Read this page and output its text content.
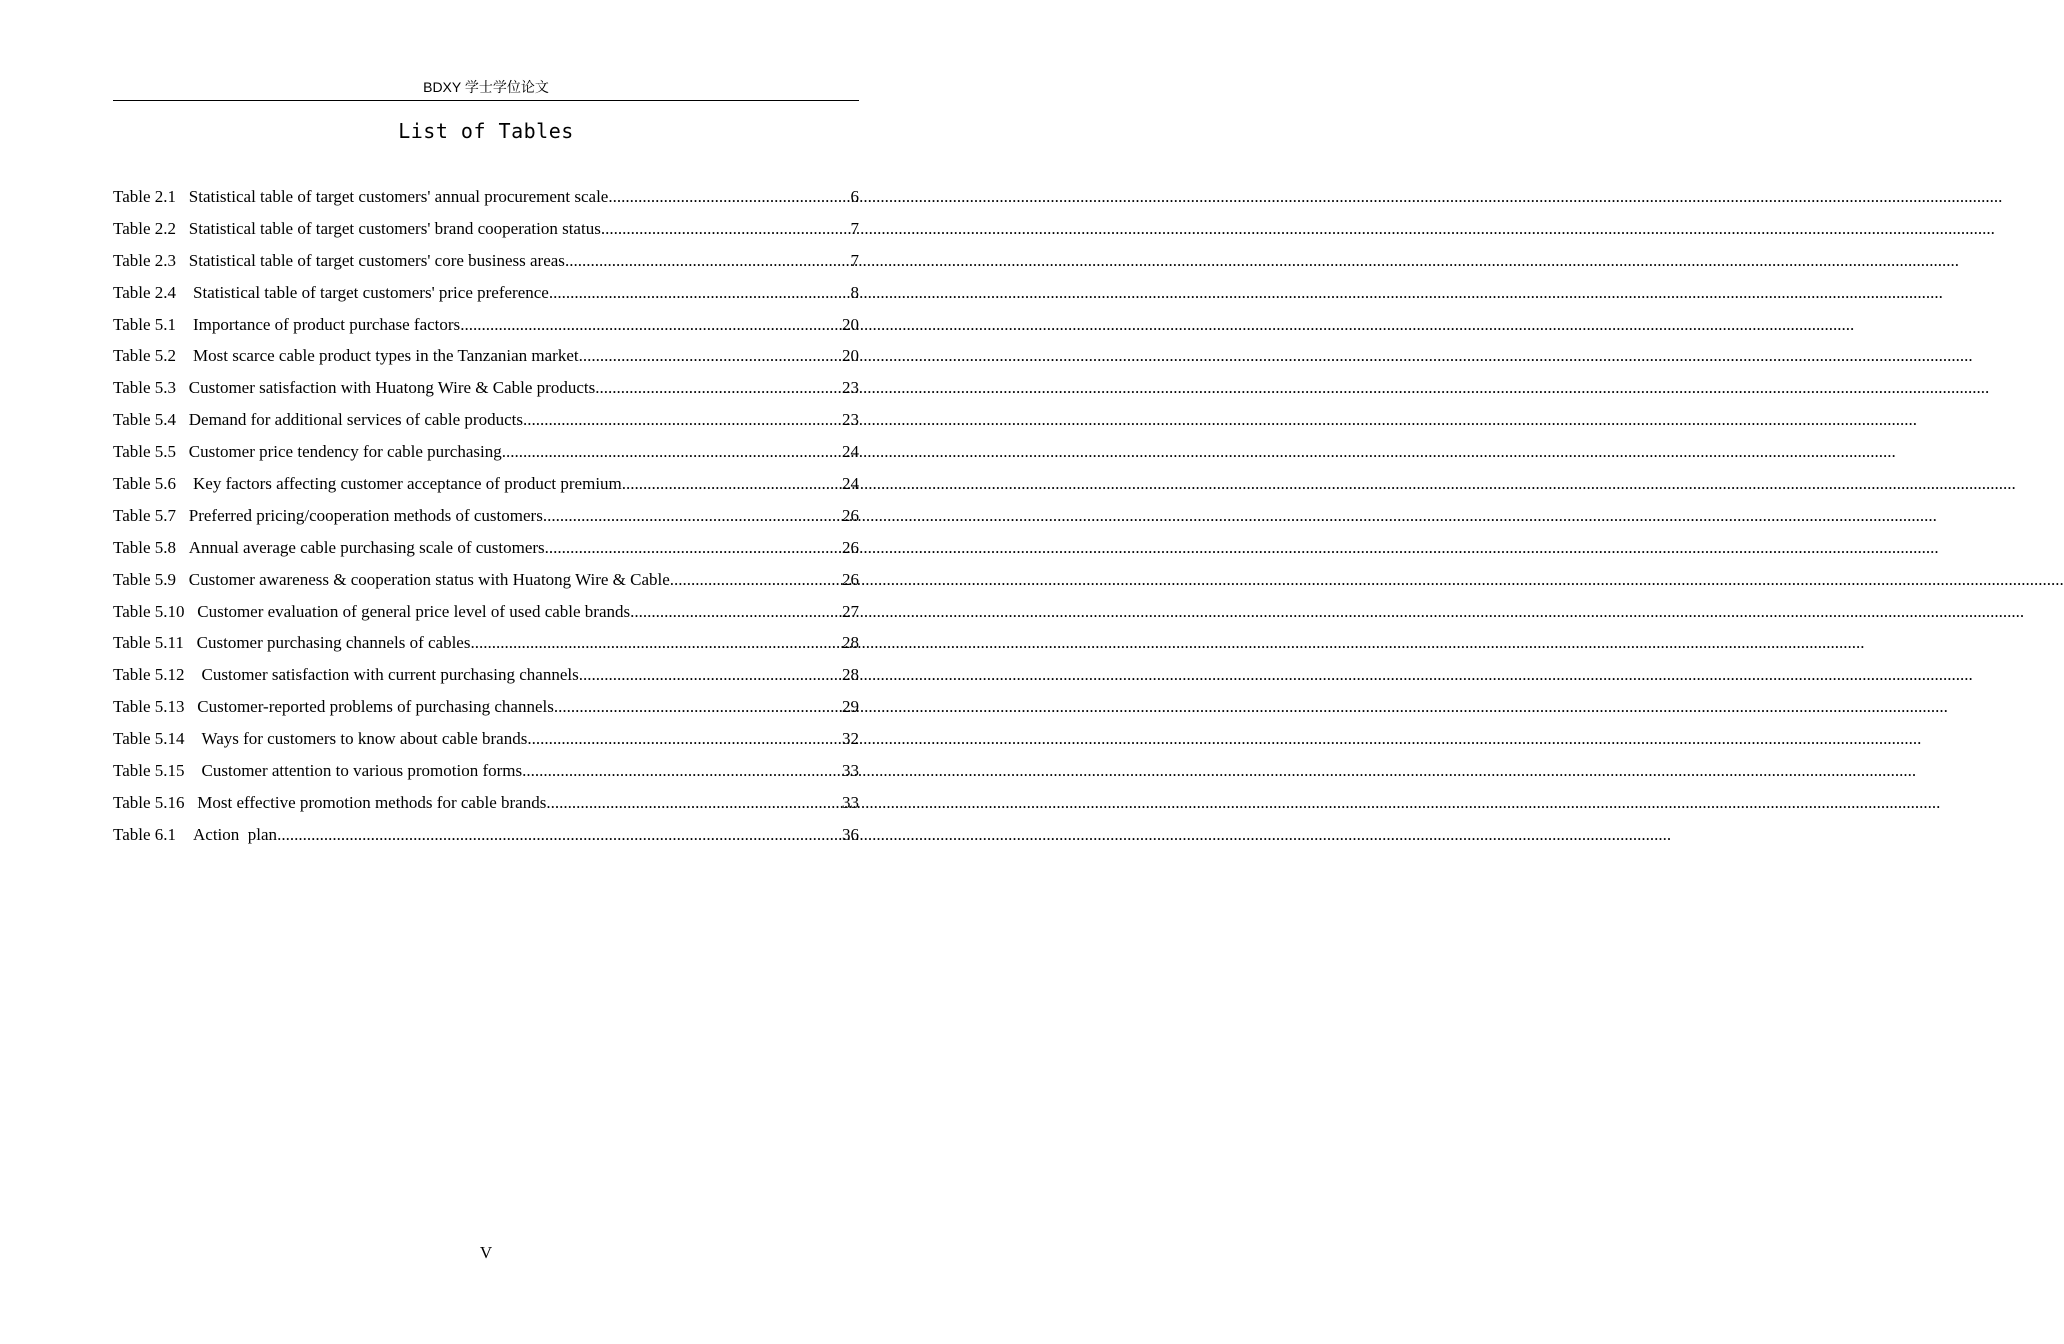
BDXY 学士学位论文
List of Tables
Table 2.1 Statistical table of target customers' annual procurement scale .....	6
Table 2.2 Statistical table of target customers' brand cooperation status .....	7
Table 2.3 Statistical table of target customers' core business areas .....	7
Table 2.4 Statistical table of target customers' price preference .....	8
Table 5.1 Importance of product purchase factors .....	20
Table 5.2 Most scarce cable product types in the Tanzanian market .....	20
Table 5.3 Customer satisfaction with Huatong Wire & Cable products .....	23
Table 5.4 Demand for additional services of cable products .....	23
Table 5.5 Customer price tendency for cable purchasing .....	24
Table 5.6 Key factors affecting customer acceptance of product premium .....	24
Table 5.7 Preferred pricing/cooperation methods of customers .....	26
Table 5.8 Annual average cable purchasing scale of customers .....	26
Table 5.9 Customer awareness & cooperation status with Huatong Wire & Cable .....	26
Table 5.10 Customer evaluation of general price level of used cable brands .....	27
Table 5.11 Customer purchasing channels of cables .....	28
Table 5.12 Customer satisfaction with current purchasing channels .....	28
Table 5.13 Customer-reported problems of purchasing channels .....	29
Table 5.14 Ways for customers to know about cable brands .....	32
Table 5.15 Customer attention to various promotion forms .....	33
Table 5.16 Most effective promotion methods for cable brands .....	33
Table 6.1 Action  plan .....	36
V
